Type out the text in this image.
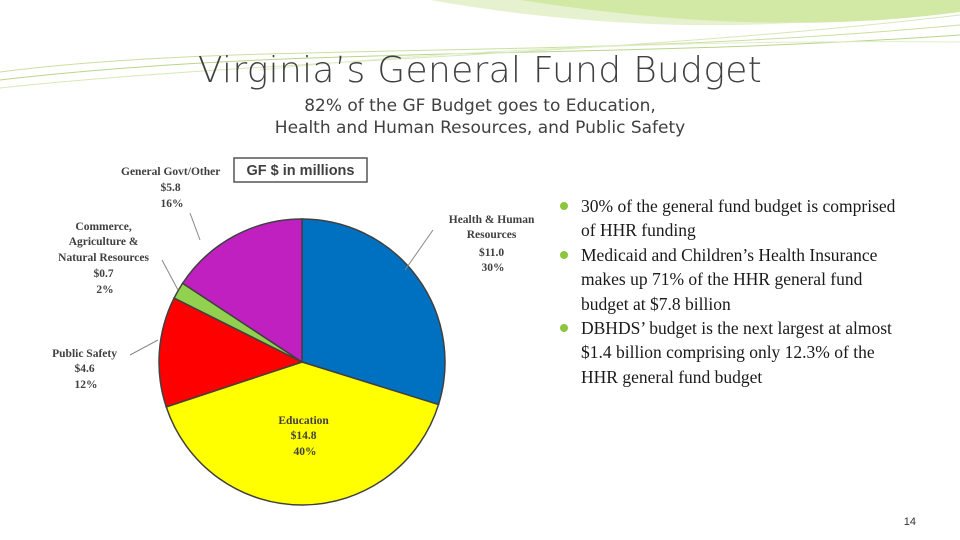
Virginia’s General Fund Budget
82% of the GF Budget goes to Education,
Health and Human Resources, and Public Safety
GF $ in millions
Health & Human Resources $11.0 30%
Education $14.8 40%
Public Safety $4.6 12%
Commerce, Agriculture & Natural Resources $0.7 2%
General Govt/Other $5.8 16%	30% of the general fund budget is comprised of HHR funding
Medicaid and Children’s Health Insurance makes up 71% of the HHR general fund budget at $7.8 billion
DBHDS’ budget is the next largest at almost $1.4 billion comprising only 12.3% of the HHR general fund budget
14
